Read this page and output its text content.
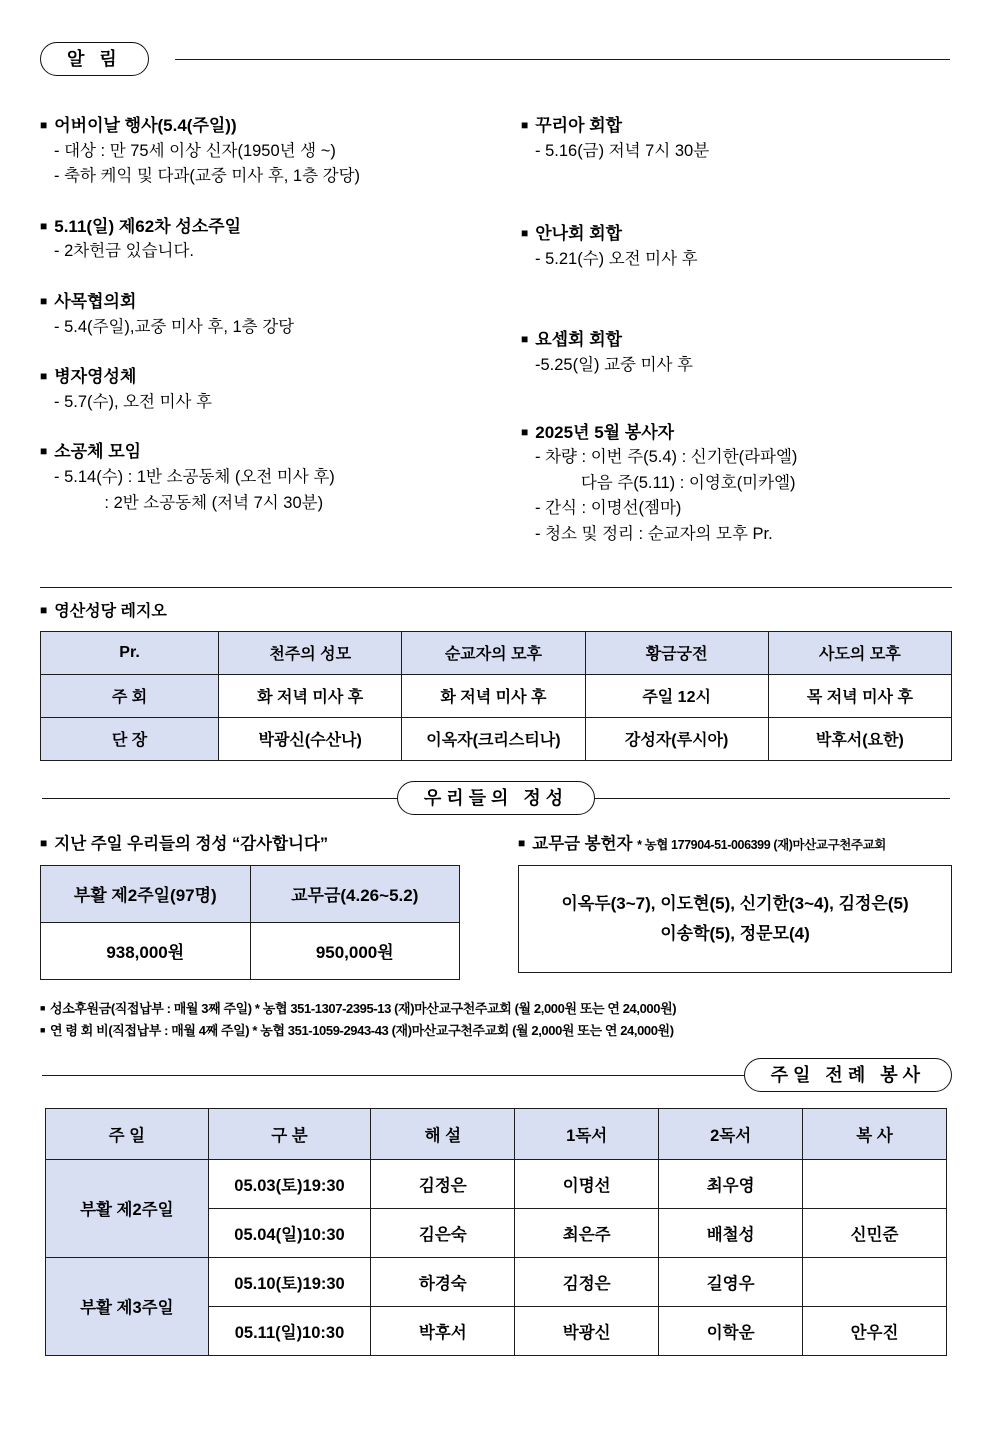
알 림
■ 어버이날 행사(5.4(주일))
- 대상 : 만 75세 이상 신자(1950년 생 ~)
- 축하 케익 및 다과(교중 미사 후, 1층 강당)
■ 5.11(일) 제62차 성소주일
- 2차헌금 있습니다.
■ 사목협의회
- 5.4(주일),교중 미사 후, 1층 강당
■ 병자영성체
- 5.7(수), 오전 미사 후
■ 소공체 모임
- 5.14(수) : 1반 소공동체 (오전 미사 후)
: 2반 소공동체 (저녁 7시 30분)
■ 꾸리아 회합
- 5.16(금) 저녁 7시 30분
■ 안나회 회합
- 5.21(수) 오전 미사 후
■ 요셉회 회합
-5.25(일) 교중 미사 후
■ 2025년 5월 봉사자
- 차량 : 이번 주(5.4) : 신기한(라파엘)
다음 주(5.11) : 이영호(미카엘)
- 간식 : 이명선(젬마)
- 청소 및 정리 : 순교자의 모후 Pr.
■ 영산성당 레지오
Pr.	천주의 성모	순교자의 모후	황금궁전	사도의 모후
주 회	화 저녁 미사 후	화 저녁 미사 후	주일 12시	목 저녁 미사 후
단 장	박광신(수산나)	이옥자(크리스티나)	강성자(루시아)	박후서(요한)
우리들의 정성
■ 지난 주일 우리들의 정성 “감사합니다”
부활 제2주일(97명)	교무금(4.26~5.2)
938,000원	950,000원
■ 교무금 봉헌자 * 농협 177904-51-006399 (재)마산교구천주교회
이옥두(3~7), 이도현(5), 신기한(3~4), 김정은(5)
이송학(5), 정문모(4)
■ 성소후원금(직접납부 : 매월 3째 주일) * 농협 351-1307-2395-13 (재)마산교구천주교회 (월 2,000원 또는 연 24,000원)
■ 연 령 회 비(직접납부 : 매월 4째 주일) * 농협 351-1059-2943-43 (재)마산교구천주교회 (월 2,000원 또는 연 24,000원)
주일 전례 봉사
주 일	구 분	해 설	1독서	2독서	복 사
부활 제2주일	05.03(토)19:30	김정은	이명선	최우영	
	05.04(일)10:30	김은숙	최은주	배철성	신민준
부활 제3주일	05.10(토)19:30	하경숙	김정은	길영우	
	05.11(일)10:30	박후서	박광신	이학운	안우진
